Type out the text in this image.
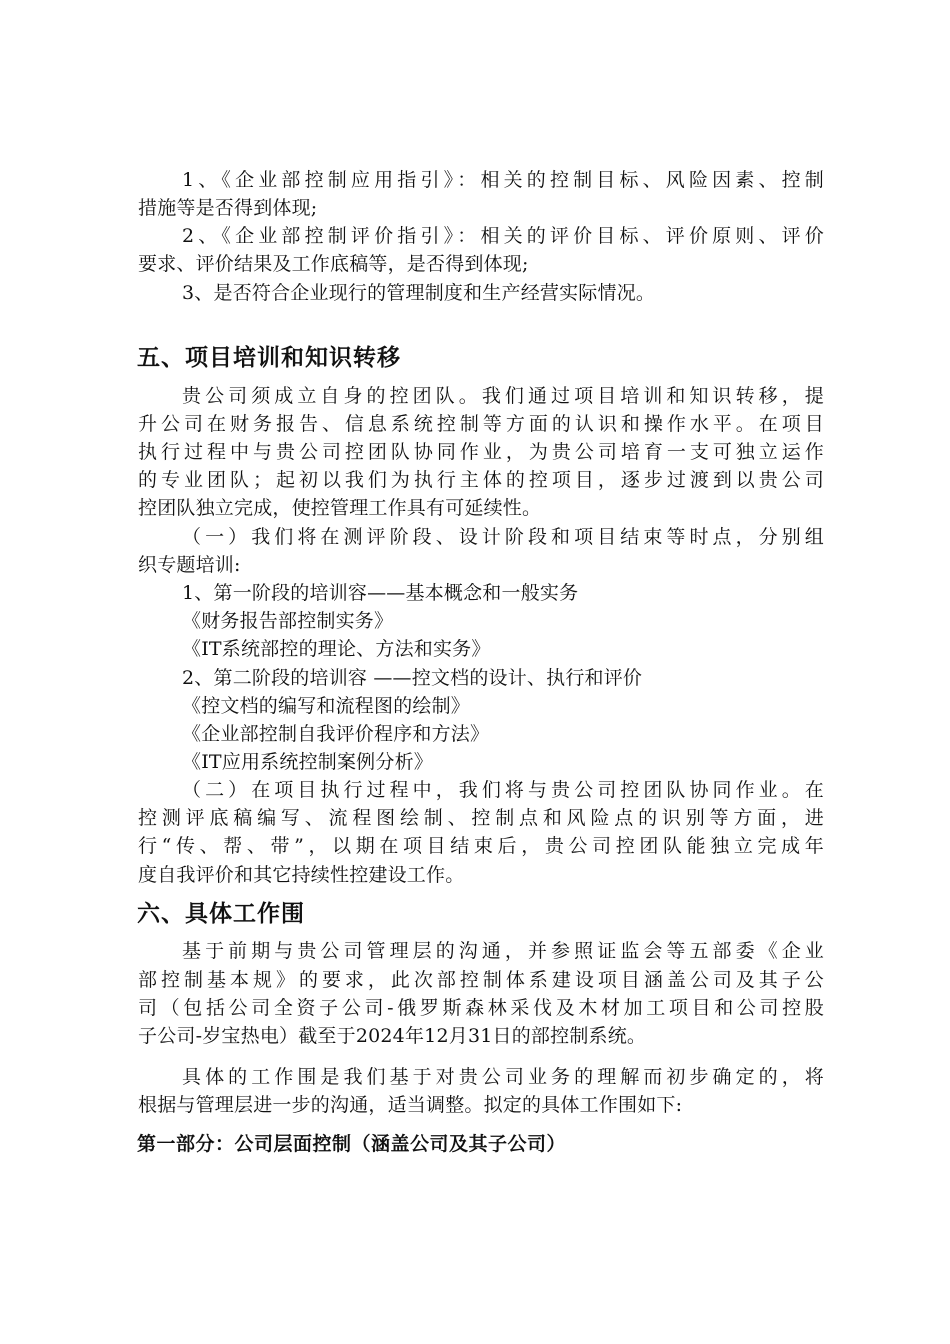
1、《企业部控制应用指引》：相关的控制目标、风险因素、控制
措施等是否得到体现;
2、《企业部控制评价指引》：相关的评价目标、评价原则、评价
要求、评价结果及工作底稿等，是否得到体现;
3、是否符合企业现行的管理制度和生产经营实际情况。
五、项目培训和知识转移
贵公司须成立自身的控团队。我们通过项目培训和知识转移，提
升公司在财务报告、信息系统控制等方面的认识和操作水平。在项目
执行过程中与贵公司控团队协同作业，为贵公司培育一支可独立运作
的专业团队；起初以我们为执行主体的控项目，逐步过渡到以贵公司
控团队独立完成，使控管理工作具有可延续性。
（一）我们将在测评阶段、设计阶段和项目结束等时点，分别组
织专题培训:
1、第一阶段的培训容——基本概念和一般实务
《财务报告部控制实务》
《IT系统部控的理论、方法和实务》
2、第二阶段的培训容 ——控文档的设计、执行和评价
《控文档的编写和流程图的绘制》
《企业部控制自我评价程序和方法》
《IT应用系统控制案例分析》
（二）在项目执行过程中，我们将与贵公司控团队协同作业。在
控测评底稿编写、流程图绘制、控制点和风险点的识别等方面，进
行“传、帮、带”，以期在项目结束后，贵公司控团队能独立完成年
度自我评价和其它持续性控建设工作。
六、具体工作围
基于前期与贵公司管理层的沟通，并参照证监会等五部委《企业
部控制基本规》的要求，此次部控制体系建设项目涵盖公司及其子公
司（包括公司全资子公司-俄罗斯森林采伐及木材加工项目和公司控股
子公司-岁宝热电）截至于2024年12月31日的部控制系统。
具体的工作围是我们基于对贵公司业务的理解而初步确定的，将
根据与管理层进一步的沟通，适当调整。拟定的具体工作围如下:
第一部分：公司层面控制（涵盖公司及其子公司）
